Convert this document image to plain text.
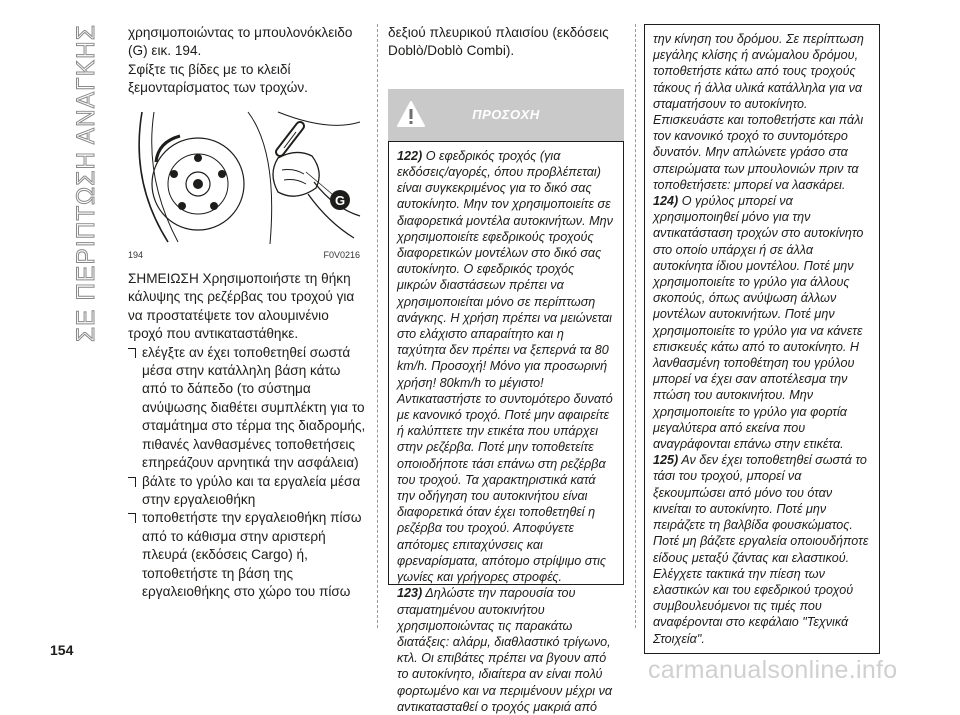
ΣΕ ΠΕΡΙΠΤΩΣΗ ΑΝΑΓΚΗΣ χρησιμοποιώντας το μπουλονόκλειδο (G) εικ. 194.

Σφίξτε τις βίδες με το κλειδί ξεμονταρίσματος των τροχών.

G
194	F0V0216

ΣΗΜΕΙΩΣΗ Χρησιμοποιήστε τη θήκη κάλυψης της ρεζέρβας του τροχού για να προστατέψετε τον αλουμινένιο τροχό που αντικαταστάθηκε.

ελέγξτε αν έχει τοποθετηθεί σωστά μέσα στην κατάλληλη βάση κάτω από το δάπεδο (το σύστημα ανύψωσης διαθέτει συμπλέκτη για το σταμάτημα στο τέρμα της διαδρομής, πιθανές λανθασμένες τοποθετήσεις επηρεάζουν αρνητικά την ασφάλεια)

βάλτε το γρύλο και τα εργαλεία μέσα στην εργαλειοθήκη

τοποθετήστε την εργαλειοθήκη πίσω από το κάθισμα στην αριστερή πλευρά (εκδόσεις Cargo) ή, τοποθετήστε τη βάση της εργαλειοθήκης στο χώρο του πίσω

δεξιού πλευρικού πλαισίου (εκδόσεις Doblò/Doblò Combi).

ΠΡΟΣΟΧΗ

122) Ο εφεδρικός τροχός (για εκδόσεις/αγορές, όπου προβλέπεται) είναι συγκεκριμένος για το δικό σας αυτοκίνητο. Μην τον χρησιμοποιείτε σε διαφορετικά μοντέλα αυτοκινήτων. Μην χρησιμοποιείτε εφεδρικούς τροχούς διαφορετικών μοντέλων στο δικό σας αυτοκίνητο. Ο εφεδρικός τροχός μικρών διαστάσεων πρέπει να χρησιμοποιείται μόνο σε περίπτωση ανάγκης. Η χρήση πρέπει να μειώνεται στο ελάχιστο απαραίτητο και η ταχύτητα δεν πρέπει να ξεπερνά τα 80 km/h. Προσοχή! Μόνο για προσωρινή χρήση! 80km/h το μέγιστο! Αντικαταστήστε το συντομότερο δυνατό με κανονικό τροχό. Ποτέ μην αφαιρείτε ή καλύπτετε την ετικέτα που υπάρχει στην ρεζέρβα. Ποτέ μην τοποθετείτε οποιοδήποτε τάσι επάνω στη ρεζέρβα του τροχού. Τα χαρακτηριστικά κατά την οδήγηση του αυτοκινήτου είναι διαφορετικά όταν έχει τοποθετηθεί η ρεζέρβα του τροχού. Αποφύγετε απότομες επιταχύνσεις και φρεναρίσματα, απότομο στρίψιμο στις γωνίες και γρήγορες στροφές.

123) Δηλώστε την παρουσία του σταματημένου αυτοκινήτου χρησιμοποιώντας τις παρακάτω διατάξεις: αλάρμ, διαθλαστικό τρίγωνο, κτλ. Οι επιβάτες πρέπει να βγουν από το αυτοκίνητο, ιδιαίτερα αν είναι πολύ φορτωμένο και να περιμένουν μέχρι να αντικατασταθεί ο τροχός μακριά από

την κίνηση του δρόμου. Σε περίπτωση μεγάλης κλίσης ή ανώμαλου δρόμου, τοποθετήστε κάτω από τους τροχούς τάκους ή άλλα υλικά κατάλληλα για να σταματήσουν το αυτοκίνητο. Επισκευάστε και τοποθετήστε και πάλι τον κανονικό τροχό το συντομότερο δυνατόν. Μην απλώνετε γράσο στα σπειρώματα των μπουλονιών πριν τα τοποθετήσετε: μπορεί να λασκάρει.

124) Ο γρύλος μπορεί να χρησιμοποιηθεί μόνο για την αντικατάσταση τροχών στο αυτοκίνητο στο οποίο υπάρχει ή σε άλλα αυτοκίνητα ίδιου μοντέλου. Ποτέ μην χρησιμοποιείτε το γρύλο για άλλους σκοπούς, όπως ανύψωση άλλων μοντέλων αυτοκινήτων. Ποτέ μην χρησιμοποιείτε το γρύλο για να κάνετε επισκευές κάτω από το αυτοκίνητο. Η λανθασμένη τοποθέτηση του γρύλου μπορεί να έχει σαν αποτέλεσμα την πτώση του αυτοκινήτου. Μην χρησιμοποιείτε το γρύλο για φορτία μεγαλύτερα από εκείνα που αναγράφονται επάνω στην ετικέτα.

125) Αν δεν έχει τοποθετηθεί σωστά το τάσι του τροχού, μπορεί να ξεκουμπώσει από μόνο του όταν κινείται το αυτοκίνητο. Ποτέ μην πειράζετε τη βαλβίδα φουσκώματος. Ποτέ μη βάζετε εργαλεία οποιουδήποτε είδους μεταξύ ζάντας και ελαστικού. Ελέγχετε τακτικά την πίεση των ελαστικών και του εφεδρικού τροχού συμβουλευόμενοι τις τιμές που αναφέρονται στο κεφάλαιο "Τεχνικά Στοιχεία".

154
carmanualsonline.info
